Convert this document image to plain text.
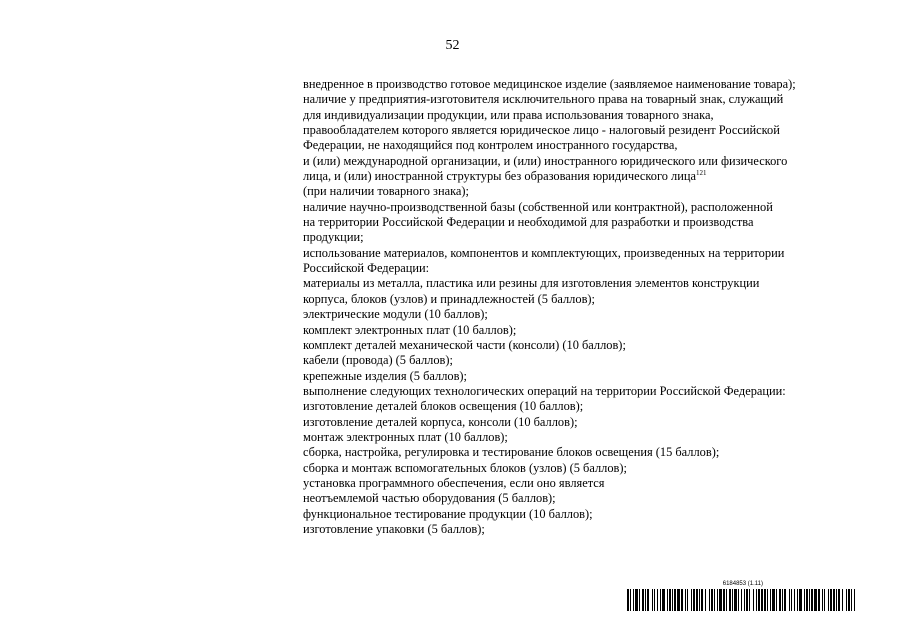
52
внедренное в производство готовое медицинское изделие (заявляемое наименование товара);
наличие у предприятия-изготовителя исключительного права на товарный знак, служащий
для индивидуализации продукции, или права использования товарного знака,
правообладателем которого является юридическое лицо - налоговый резидент Российской
Федерации, не находящийся под контролем иностранного государства,
и (или) международной организации, и (или) иностранного юридического или физического
лица, и (или) иностранной структуры без образования юридического лица$^{121}$
(при наличии товарного знака);
наличие научно-производственной базы (собственной или контрактной), расположенной
на территории Российской Федерации и необходимой для разработки и производства
продукции;
использование материалов, компонентов и комплектующих, произведенных на территории
Российской Федерации:
материалы из металла, пластика или резины для изготовления элементов конструкции
корпуса, блоков (узлов) и принадлежностей (5 баллов);
электрические модули (10 баллов);
комплект электронных плат (10 баллов);
комплект деталей механической части (консоли) (10 баллов);
кабели (провода) (5 баллов);
крепежные изделия (5 баллов);
выполнение следующих технологических операций на территории Российской Федерации:
изготовление деталей блоков освещения (10 баллов);
изготовление деталей корпуса, консоли (10 баллов);
монтаж электронных плат (10 баллов);
сборка, настройка, регулировка и тестирование блоков освещения (15 баллов);
сборка и монтаж вспомогательных блоков (узлов) (5 баллов);
установка программного обеспечения, если оно является
неотъемлемой частью оборудования (5 баллов);
функциональное тестирование продукции (10 баллов);
изготовление упаковки (5 баллов);
6184853 (1.11)
